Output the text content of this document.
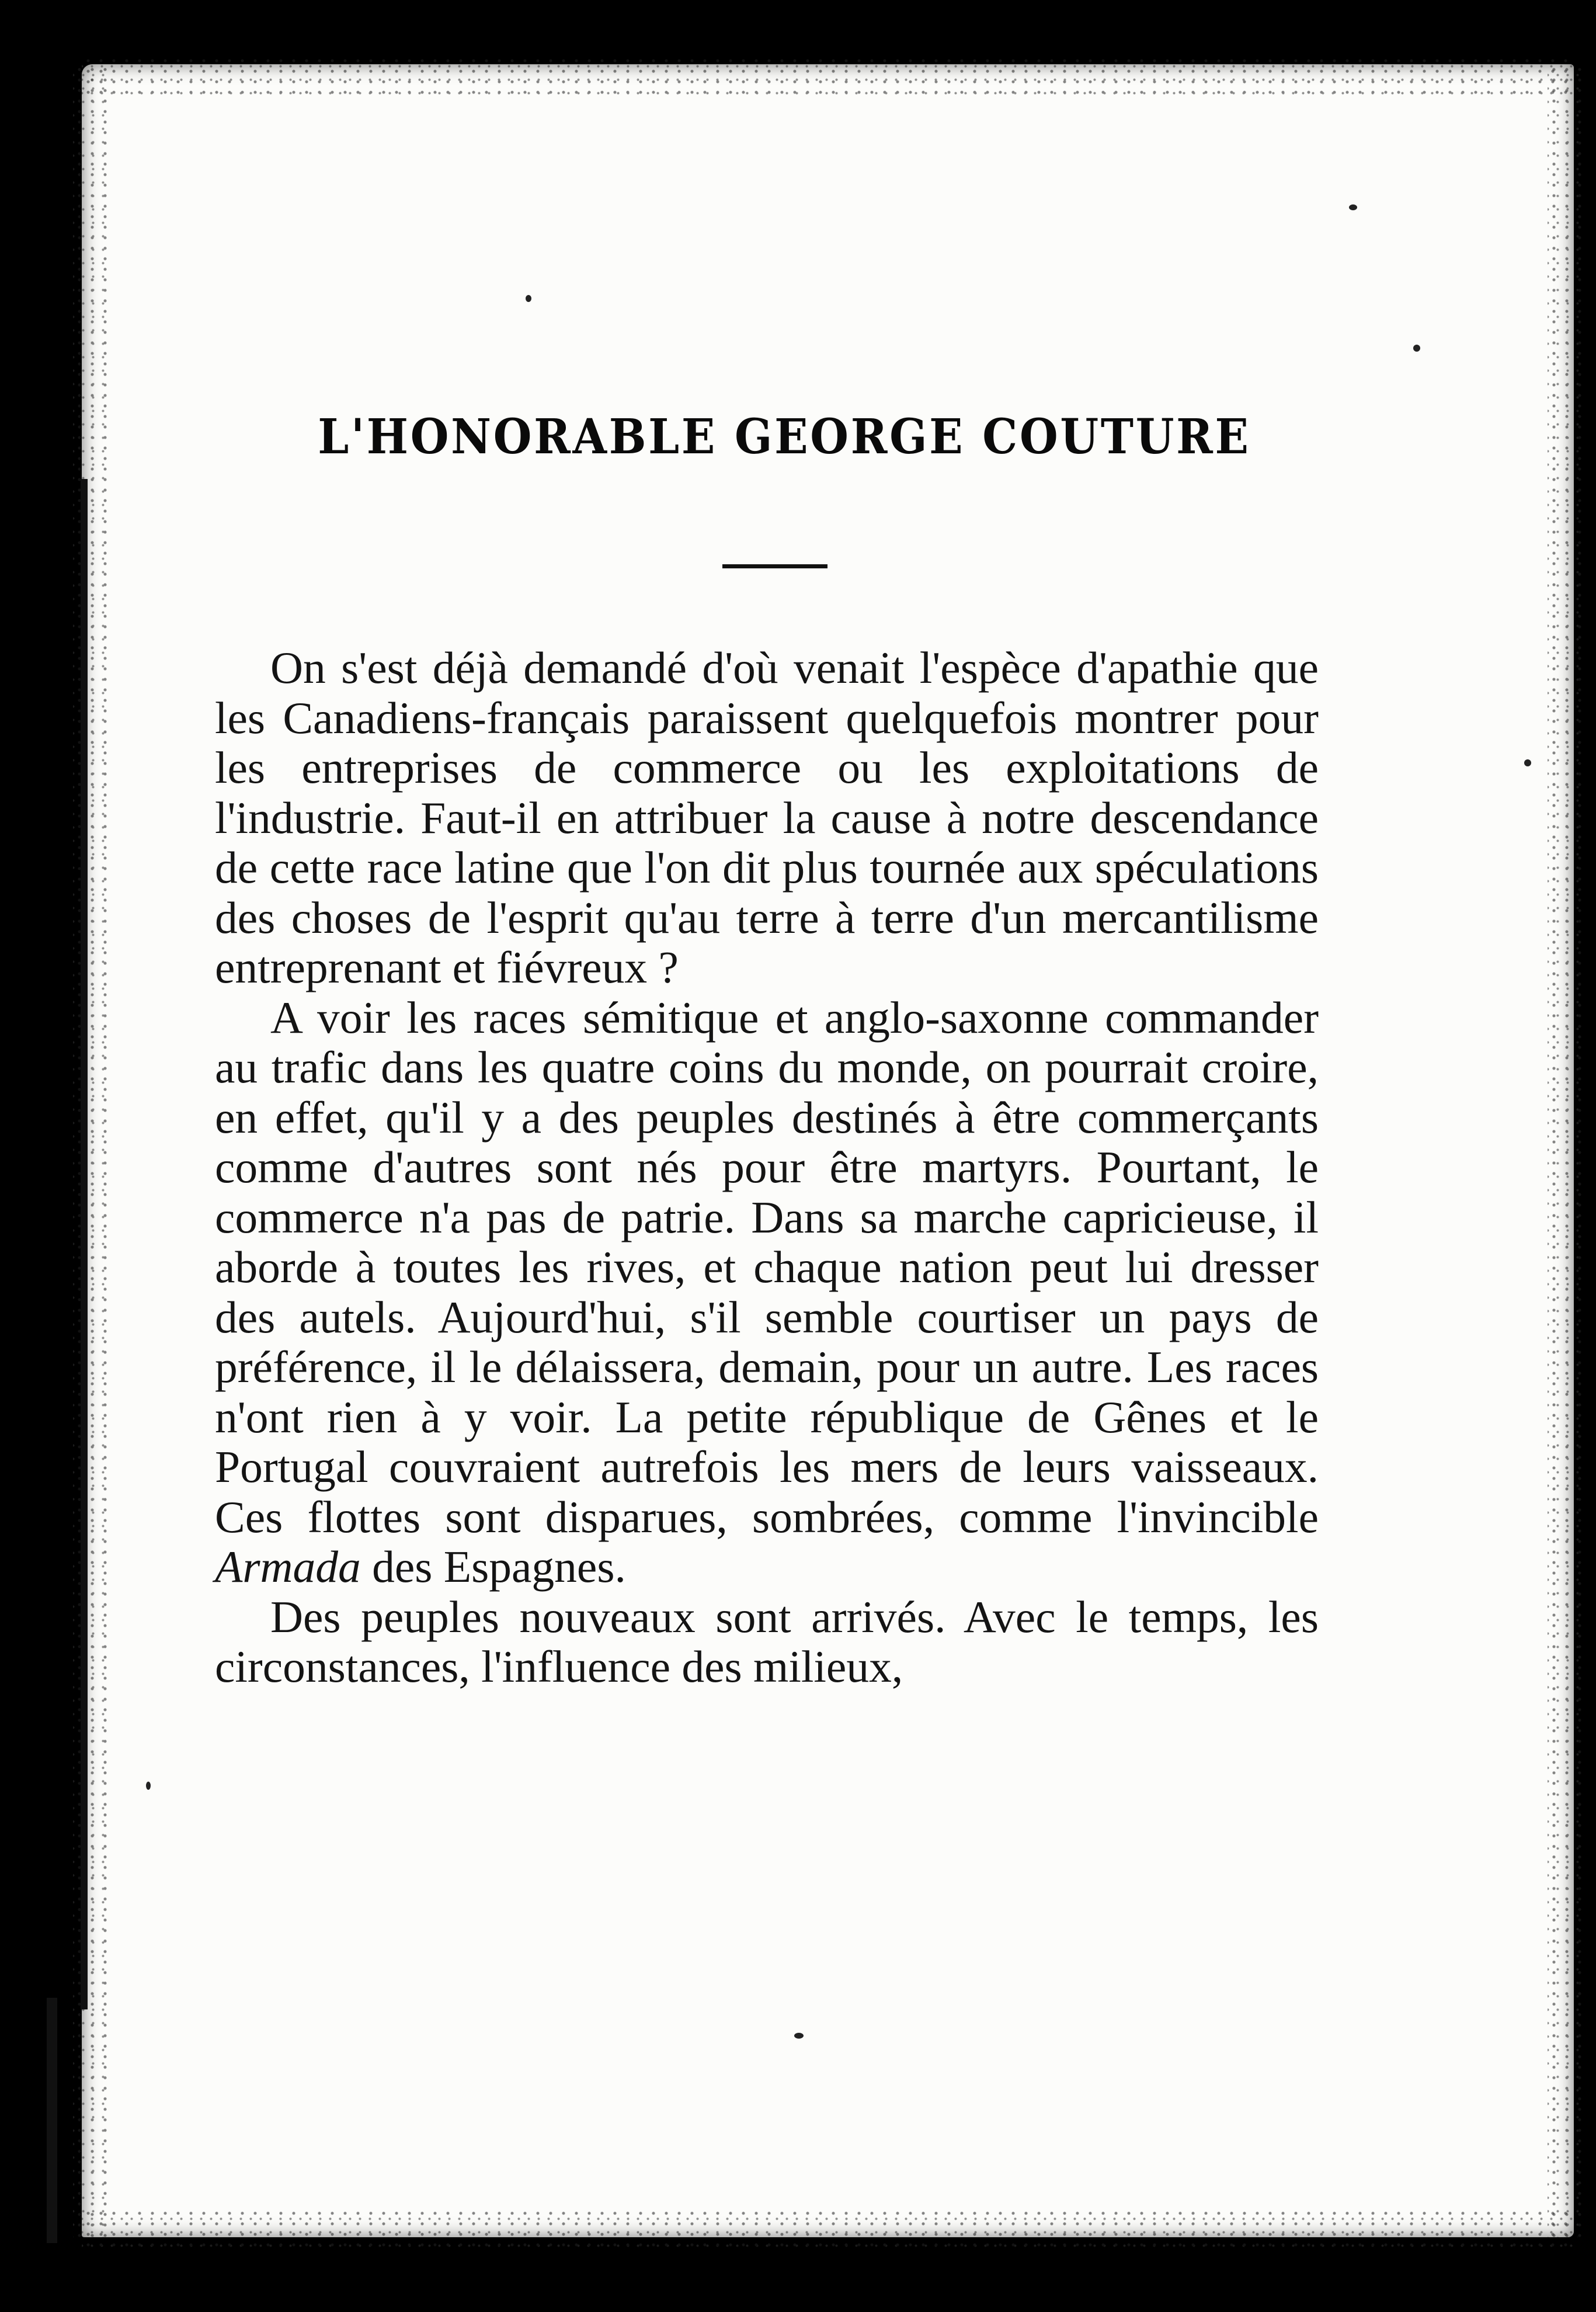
L'HONORABLE GEORGE COUTURE

On s'est déjà demandé d'où venait l'espèce d'apathie que les Canadiens-français paraissent quelquefois montrer pour les entreprises de commerce ou les exploitations de l'industrie. Faut-il en attribuer la cause à notre descendance de cette race latine que l'on dit plus tournée aux spéculations des choses de l'esprit qu'au terre à terre d'un mercantilisme entreprenant et fiévreux ?

A voir les races sémitique et anglo-saxonne commander au trafic dans les quatre coins du monde, on pourrait croire, en effet, qu'il y a des peuples destinés à être commerçants comme d'autres sont nés pour être martyrs. Pourtant, le commerce n'a pas de patrie. Dans sa marche capricieuse, il aborde à toutes les rives, et chaque nation peut lui dresser des autels. Aujourd'hui, s'il semble courtiser un pays de préférence, il le délaissera, demain, pour un autre. Les races n'ont rien à y voir. La petite république de Gênes et le Portugal couvraient autrefois les mers de leurs vaisseaux. Ces flottes sont disparues, sombrées, comme l'invincible Armada des Espagnes.

Des peuples nouveaux sont arrivés. Avec le temps, les circonstances, l'influence des milieux,
